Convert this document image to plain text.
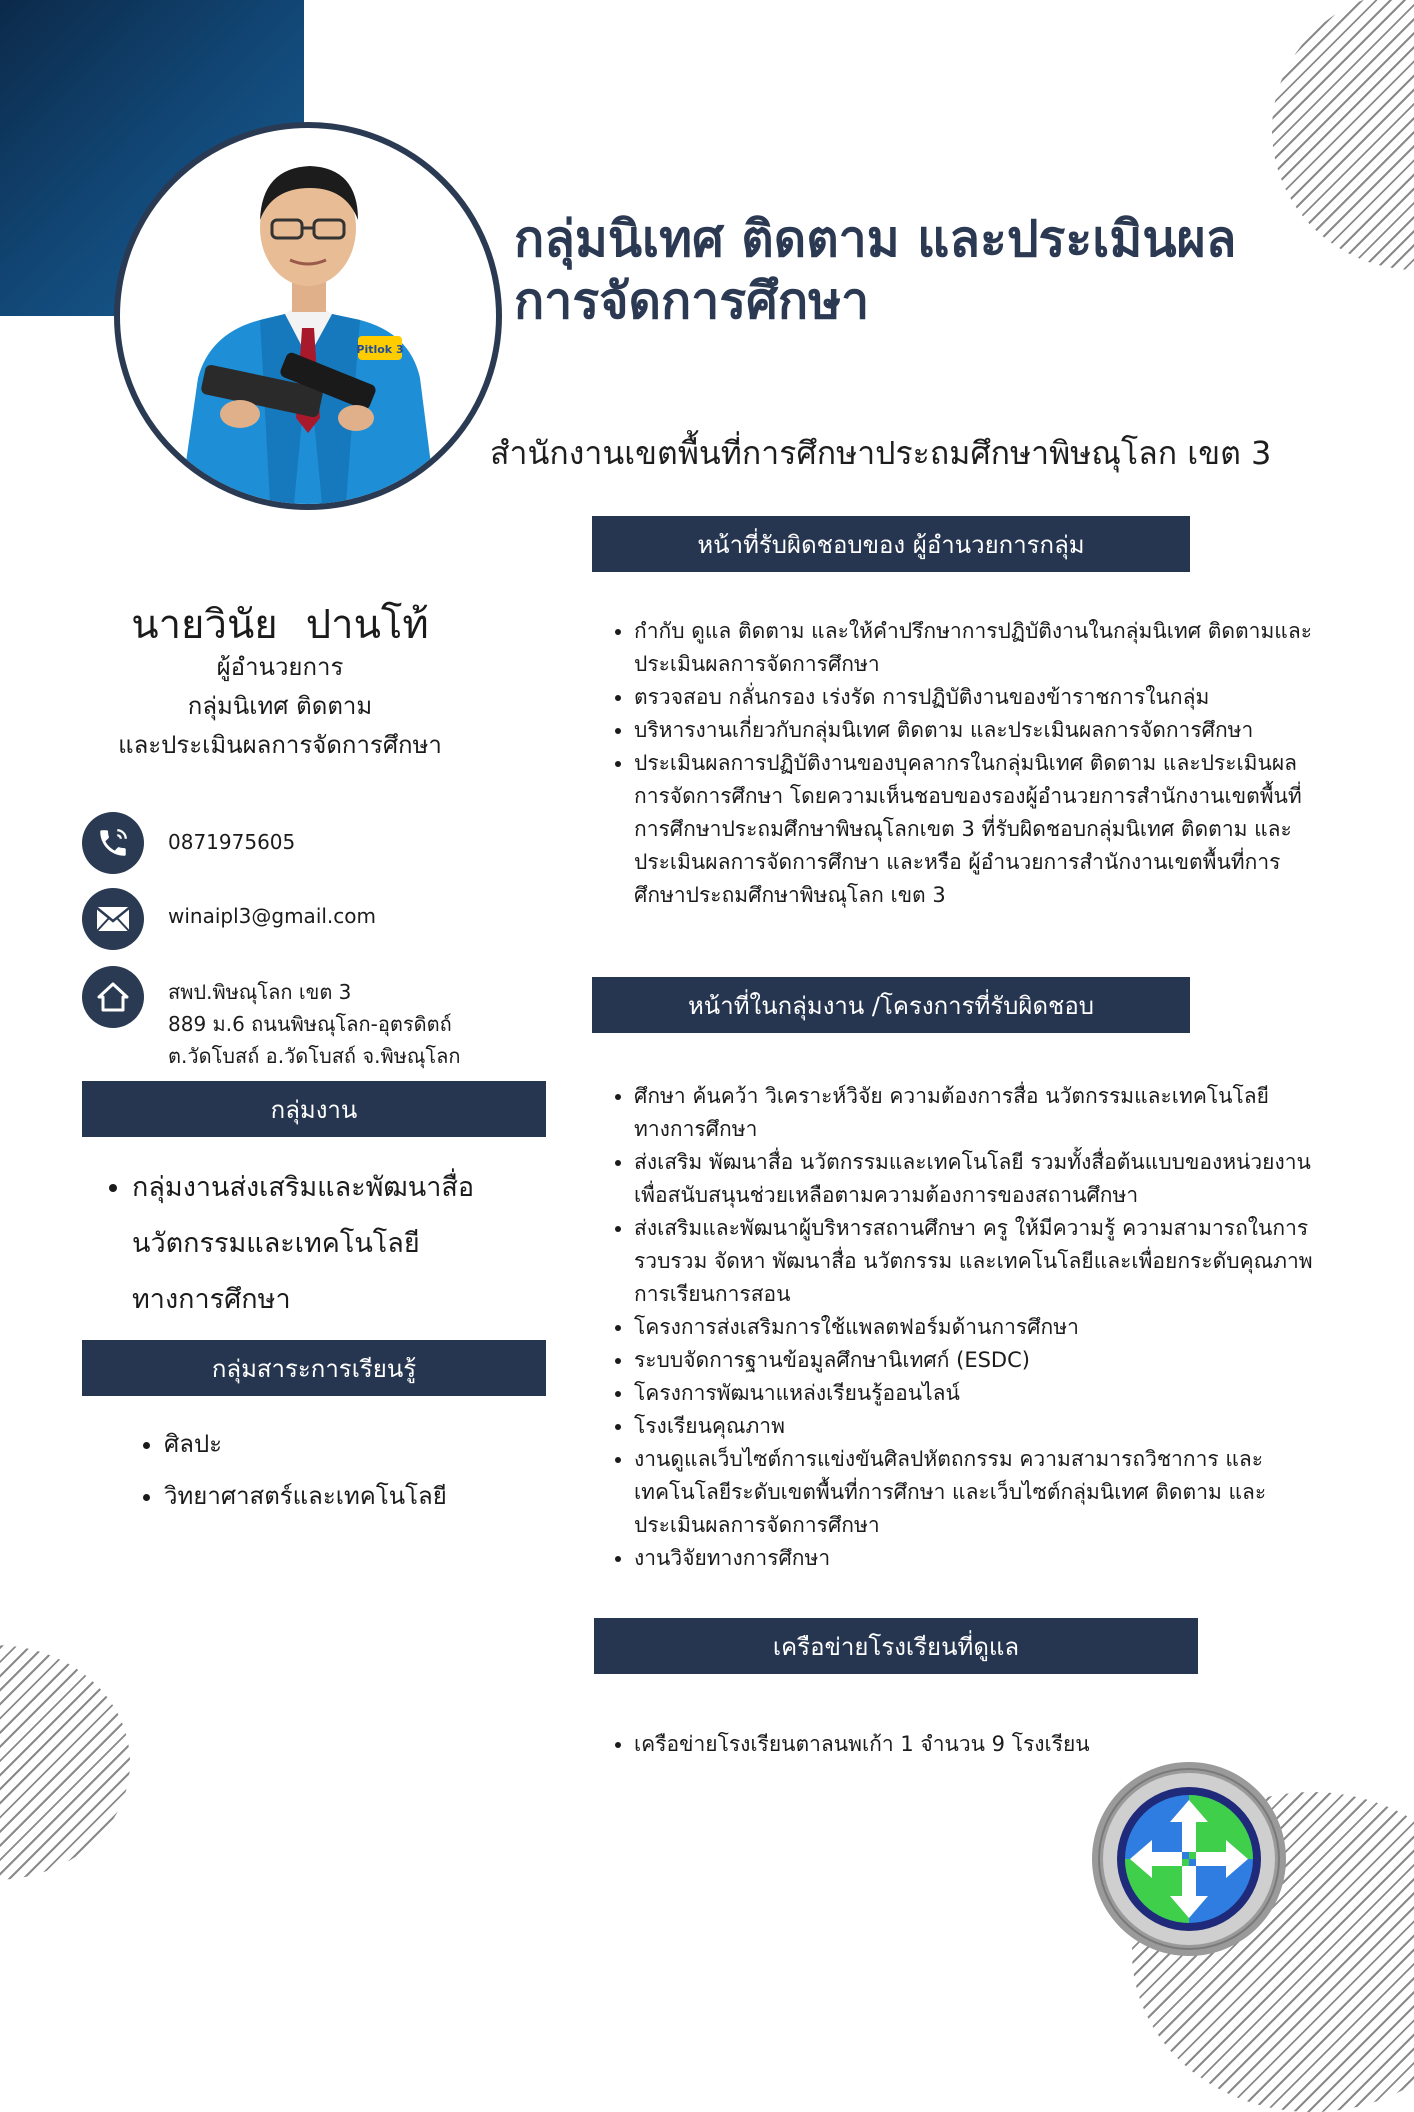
Pitlok 3
กลุ่มนิเทศ ติดตาม และประเมินผล
การจัดการศึกษา
สำนักงานเขตพื้นที่การศึกษาประถมศึกษาพิษณุโลก เขต 3
นายวินัย ปานโท้
ผู้อำนวยการ
กลุ่มนิเทศ ติดตาม
และประเมินผลการจัดการศึกษา
0871975605
winaipl3@gmail.com
สพป.พิษณุโลก เขต 3
889 ม.6 ถนนพิษณุโลก-อุตรดิตถ์
ต.วัดโบสถ์ อ.วัดโบสถ์ จ.พิษณุโลก
กลุ่มงาน
• กลุ่มงานส่งเสริมและพัฒนาสื่อ นวัตกรรมและเทคโนโลยี ทางการศึกษา
กลุ่มสาระการเรียนรู้
• ศิลปะ
• วิทยาศาสตร์และเทคโนโลยี
หน้าที่รับผิดชอบของ ผู้อำนวยการกลุ่ม
• กำกับ ดูแล ติดตาม และให้คำปรึกษาการปฏิบัติงานในกลุ่มนิเทศ ติดตามและประเมินผลการจัดการศึกษา
• ตรวจสอบ กลั่นกรอง เร่งรัด การปฏิบัติงานของข้าราชการในกลุ่ม
• บริหารงานเกี่ยวกับกลุ่มนิเทศ ติดตาม และประเมินผลการจัดการศึกษา
• ประเมินผลการปฏิบัติงานของบุคลากรในกลุ่มนิเทศ ติดตาม และประเมินผลการจัดการศึกษา โดยความเห็นชอบของรองผู้อำนวยการสำนักงานเขตพื้นที่การศึกษาประถมศึกษาพิษณุโลกเขต 3 ที่รับผิดชอบกลุ่มนิเทศ ติดตาม และประเมินผลการจัดการศึกษา และหรือ ผู้อำนวยการสำนักงานเขตพื้นที่การศึกษาประถมศึกษาพิษณุโลก เขต 3
หน้าที่ในกลุ่มงาน /โครงการที่รับผิดชอบ
• ศึกษา ค้นคว้า วิเคราะห์วิจัย ความต้องการสื่อ นวัตกรรมและเทคโนโลยี ทางการศึกษา
• ส่งเสริม พัฒนาสื่อ นวัตกรรมและเทคโนโลยี รวมทั้งสื่อต้นแบบของหน่วยงานเพื่อสนับสนุนช่วยเหลือตามความต้องการของสถานศึกษา
• ส่งเสริมและพัฒนาผู้บริหารสถานศึกษา ครู ให้มีความรู้ ความสามารถในการรวบรวม จัดหา พัฒนาสื่อ นวัตกรรม และเทคโนโลยีและเพื่อยกระดับคุณภาพการเรียนการสอน
• โครงการส่งเสริมการใช้แพลตฟอร์มด้านการศึกษา
• ระบบจัดการฐานข้อมูลศึกษานิเทศก์ (ESDC)
• โครงการพัฒนาแหล่งเรียนรู้ออนไลน์
• โรงเรียนคุณภาพ
• งานดูแลเว็บไซต์การแข่งขันศิลปหัตถกรรม ความสามารถวิชาการ และเทคโนโลยีระดับเขตพื้นที่การศึกษา และเว็บไซต์กลุ่มนิเทศ ติดตาม และประเมินผลการจัดการศึกษา
• งานวิจัยทางการศึกษา
เครือข่ายโรงเรียนที่ดูแล
• เครือข่ายโรงเรียนตาลนพเก้า 1 จำนวน 9 โรงเรียน
